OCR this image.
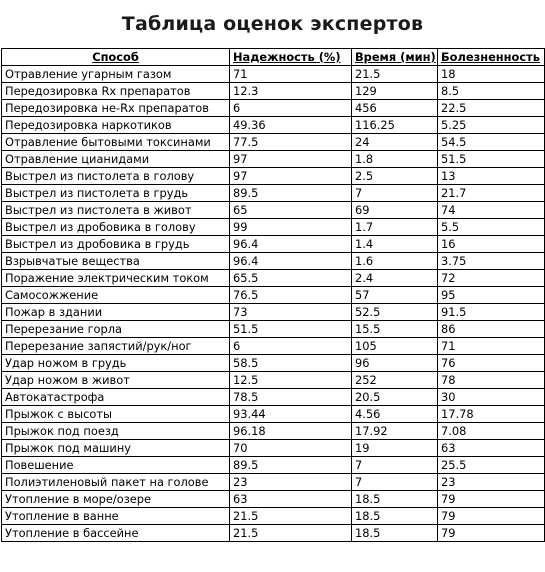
Таблица оценок экспертов
Способ	Надежность (%)	Время (мин)	Болезненность
Отравление угарным газом	71	21.5	18
Передозировка Rx препаратов	12.3	129	8.5
Передозировка не-Rx препаратов	6	456	22.5
Передозировка наркотиков	49.36	116.25	5.25
Отравление бытовыми токсинами	77.5	24	54.5
Отравление цианидами	97	1.8	51.5
Выстрел из пистолета в голову	97	2.5	13
Выстрел из пистолета в грудь	89.5	7	21.7
Выстрел из пистолета в живот	65	69	74
Выстрел из дробовика в голову	99	1.7	5.5
Выстрел из дробовика в грудь	96.4	1.4	16
Взрывчатые вещества	96.4	1.6	3.75
Поражение электрическим током	65.5	2.4	72
Самосожжение	76.5	57	95
Пожар в здании	73	52.5	91.5
Перерезание горла	51.5	15.5	86
Перерезание запястий/рук/ног	6	105	71
Удар ножом в грудь	58.5	96	76
Удар ножом в живот	12.5	252	78
Автокатастрофа	78.5	20.5	30
Прыжок с высоты	93.44	4.56	17.78
Прыжок под поезд	96.18	17.92	7.08
Прыжок под машину	70	19	63
Повешение	89.5	7	25.5
Полиэтиленовый пакет на голове	23	7	23
Утопление в море/озере	63	18.5	79
Утопление в ванне	21.5	18.5	79
Утопление в бассейне	21.5	18.5	79
